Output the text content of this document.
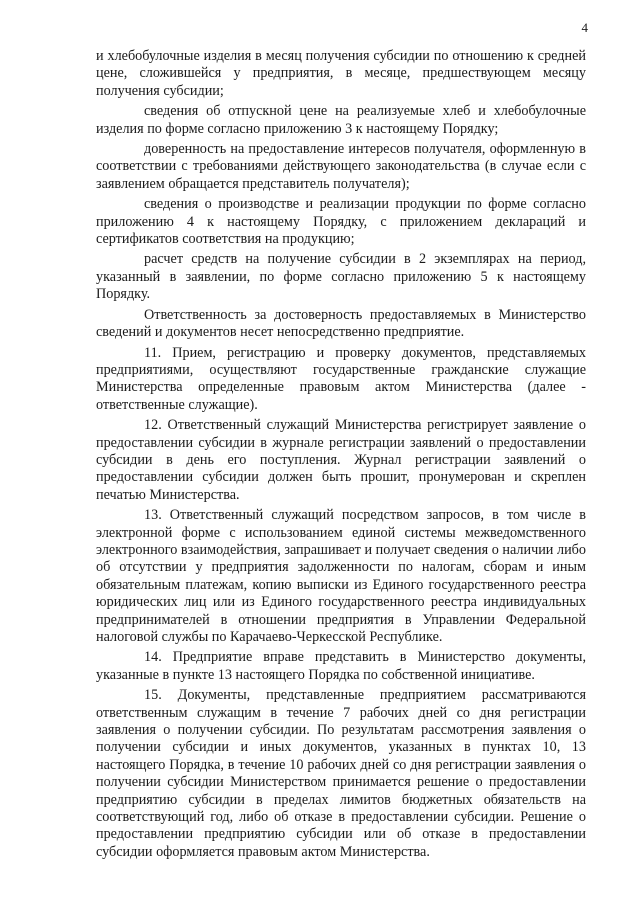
4

и хлебобулочные изделия в месяц получения субсидии по отношению к средней цене, сложившейся у предприятия, в месяце, предшествующем месяцу получения субсидии;

сведения об отпускной цене на реализуемые хлеб и хлебобулочные изделия по форме согласно приложению 3 к настоящему Порядку;

доверенность на предоставление интересов получателя, оформленную в соответствии с требованиями действующего законодательства (в случае если с заявлением обращается представитель получателя);

сведения о производстве и реализации продукции по форме согласно приложению 4 к настоящему Порядку, с приложением деклараций и сертификатов соответствия на продукцию;

расчет средств на получение субсидии в 2 экземплярах на период, указанный в заявлении, по форме согласно приложению 5 к настоящему Порядку.

Ответственность за достоверность предоставляемых в Министерство сведений и документов несет непосредственно предприятие.

11. Прием, регистрацию и проверку документов, представляемых предприятиями, осуществляют государственные гражданские служащие Министерства определенные правовым актом Министерства (далее - ответственные служащие).

12. Ответственный служащий Министерства регистрирует заявление о предоставлении субсидии в журнале регистрации заявлений о предоставлении субсидии в день его поступления. Журнал регистрации заявлений о предоставлении субсидии должен быть прошит, пронумерован и скреплен печатью Министерства.

13. Ответственный служащий посредством запросов, в том числе в электронной форме с использованием единой системы межведомственного электронного взаимодействия, запрашивает и получает сведения о наличии либо об отсутствии у предприятия задолженности по налогам, сборам и иным обязательным платежам, копию выписки из Единого государственного реестра юридических лиц или из Единого государственного реестра индивидуальных предпринимателей в отношении предприятия в Управлении Федеральной налоговой службы по Карачаево-Черкесской Республике.

14. Предприятие вправе представить в Министерство документы, указанные в пункте 13 настоящего Порядка по собственной инициативе.

15. Документы, представленные предприятием рассматриваются ответственным служащим в течение 7 рабочих дней со дня регистрации заявления о получении субсидии. По результатам рассмотрения заявления о получении субсидии и иных документов, указанных в пунктах 10, 13 настоящего Порядка, в течение 10 рабочих дней со дня регистрации заявления о получении субсидии Министерством принимается решение о предоставлении предприятию субсидии в пределах лимитов бюджетных обязательств на соответствующий год, либо об отказе в предоставлении субсидии. Решение о предоставлении предприятию субсидии или об отказе в предоставлении субсидии оформляется правовым актом Министерства.
